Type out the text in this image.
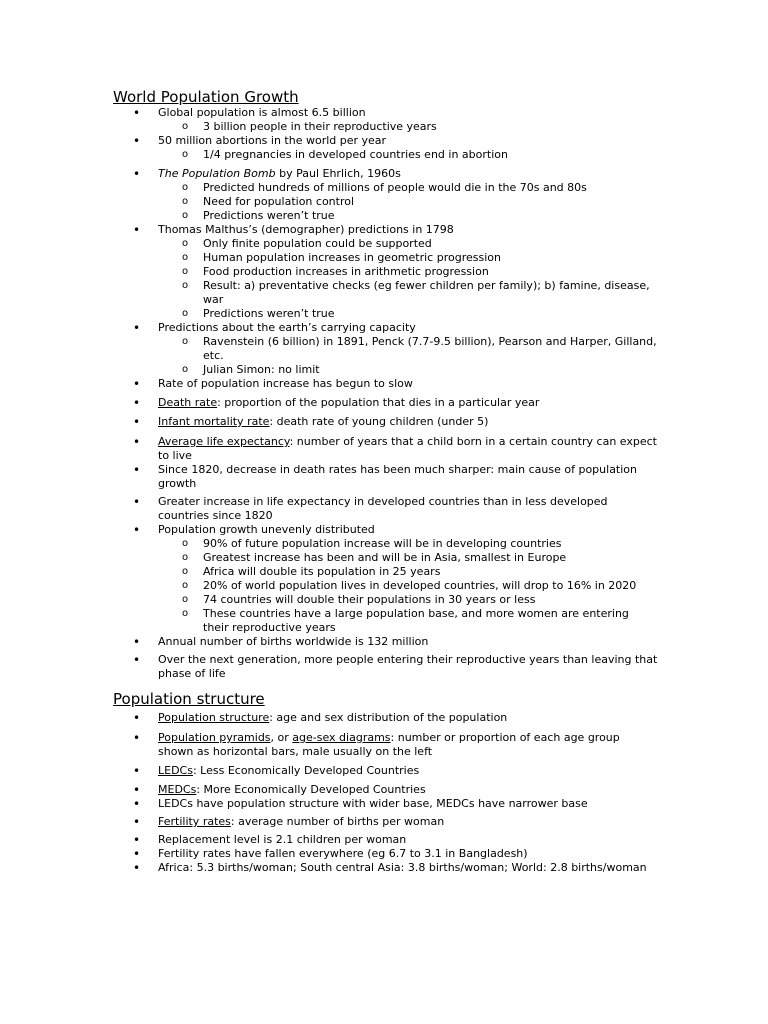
World Population Growth
• Global population is almost 6.5 billion
o 3 billion people in their reproductive years
• 50 million abortions in the world per year
o 1/4 pregnancies in developed countries end in abortion
• The Population Bomb by Paul Ehrlich, 1960s
o Predicted hundreds of millions of people would die in the 70s and 80s
o Need for population control
o Predictions weren’t true
• Thomas Malthus’s (demographer) predictions in 1798
o Only finite population could be supported
o Human population increases in geometric progression
o Food production increases in arithmetic progression
o Result: a) preventative checks (eg fewer children per family); b) famine, disease, war
o Predictions weren’t true
• Predictions about the earth’s carrying capacity
o Ravenstein (6 billion) in 1891, Penck (7.7-9.5 billion), Pearson and Harper, Gilland, etc.
o Julian Simon: no limit
• Rate of population increase has begun to slow
• Death rate: proportion of the population that dies in a particular year
• Infant mortality rate: death rate of young children (under 5)
• Average life expectancy: number of years that a child born in a certain country can expect to live
• Since 1820, decrease in death rates has been much sharper: main cause of population growth
• Greater increase in life expectancy in developed countries than in less developed countries since 1820
• Population growth unevenly distributed
o 90% of future population increase will be in developing countries
o Greatest increase has been and will be in Asia, smallest in Europe
o Africa will double its population in 25 years
o 20% of world population lives in developed countries, will drop to 16% in 2020
o 74 countries will double their populations in 30 years or less
o These countries have a large population base, and more women are entering their reproductive years
• Annual number of births worldwide is 132 million
• Over the next generation, more people entering their reproductive years than leaving that phase of life
Population structure
• Population structure: age and sex distribution of the population
• Population pyramids, or age-sex diagrams: number or proportion of each age group shown as horizontal bars, male usually on the left
• LEDCs: Less Economically Developed Countries
• MEDCs: More Economically Developed Countries
• LEDCs have population structure with wider base, MEDCs have narrower base
• Fertility rates: average number of births per woman
• Replacement level is 2.1 children per woman
• Fertility rates have fallen everywhere (eg 6.7 to 3.1 in Bangladesh)
• Africa: 5.3 births/woman; South central Asia: 3.8 births/woman; World: 2.8 births/woman
